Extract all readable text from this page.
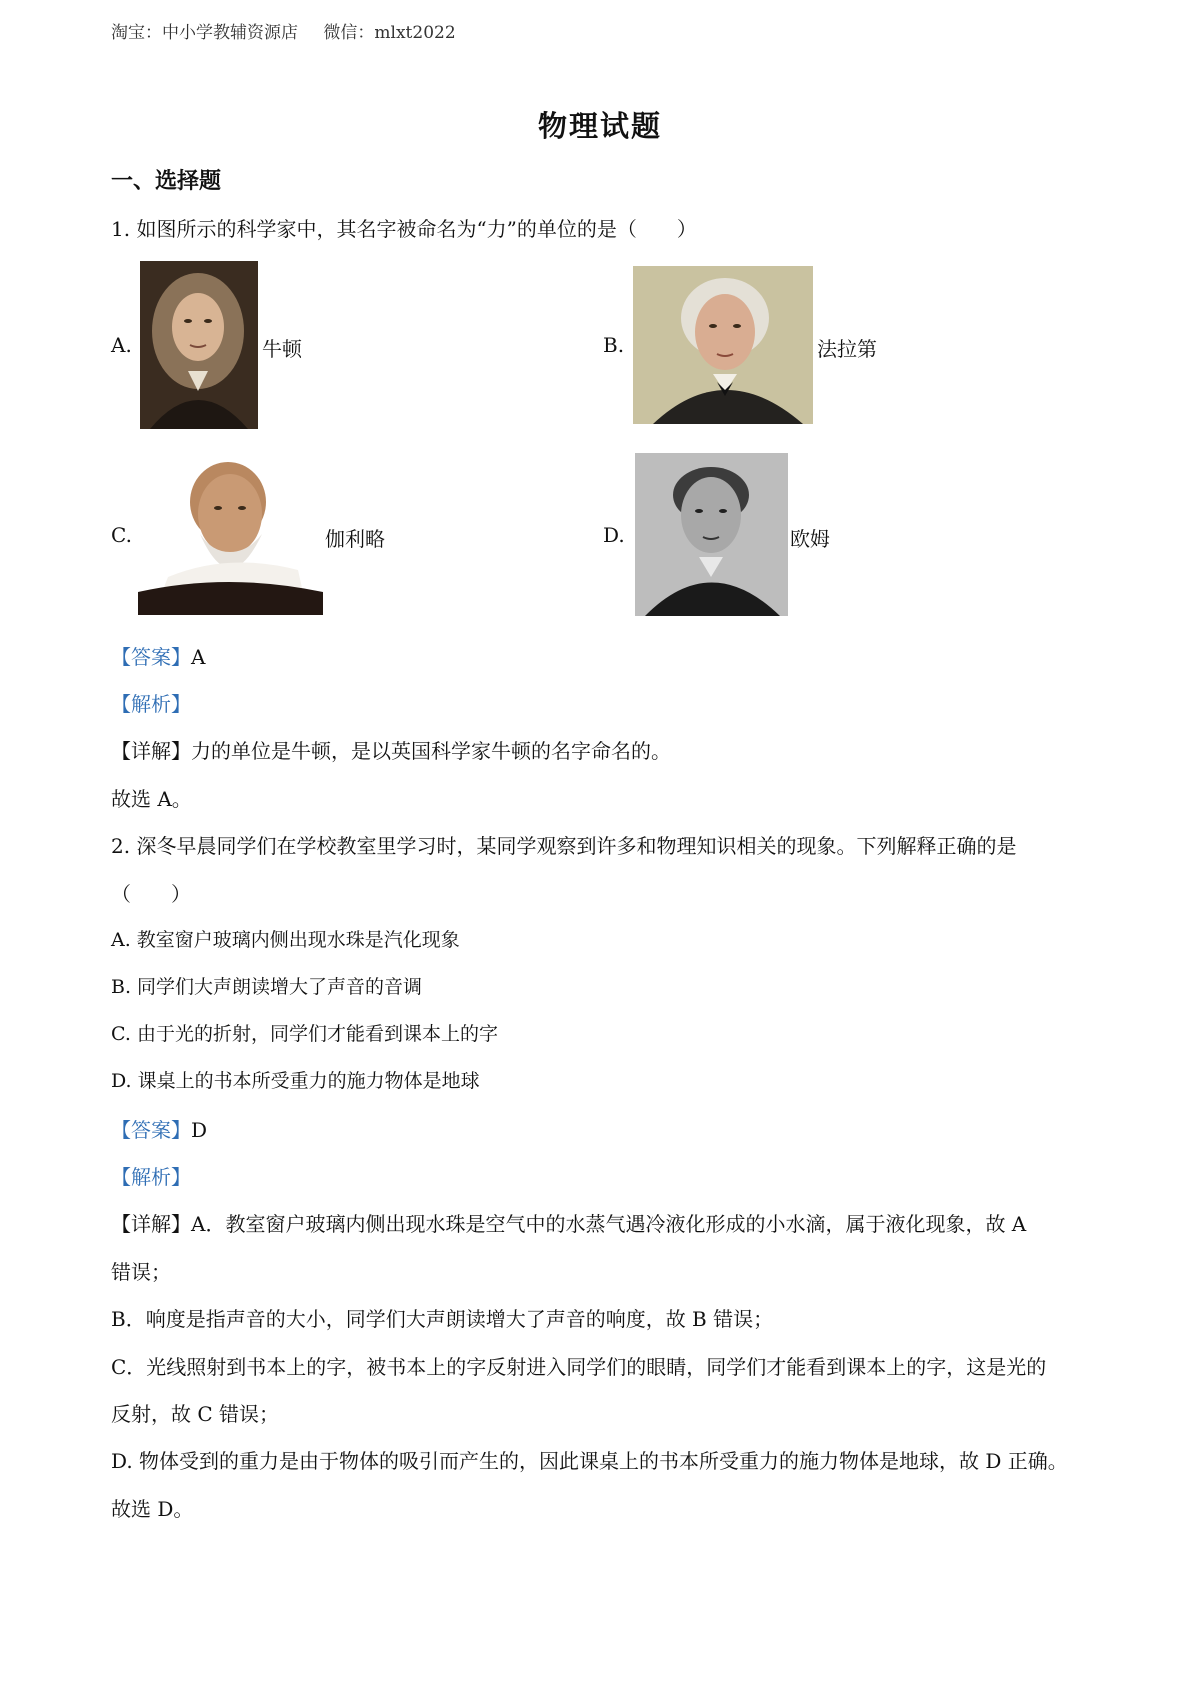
淘宝：中小学教辅资源店 微信：mlxt2022
物理试题
一、选择题
1. 如图所示的科学家中，其名字被命名为“力”的单位的是（　　）
A.	牛顿	B.	法拉第
C.	伽利略	D.	欧姆
【答案】A
【解析】
【详解】力的单位是牛顿，是以英国科学家牛顿的名字命名的。
故选 A。
2. 深冬早晨同学们在学校教室里学习时，某同学观察到许多和物理知识相关的现象。下列解释正确的是
（　　）
A. 教室窗户玻璃内侧出现水珠是汽化现象
B. 同学们大声朗读增大了声音的音调
C. 由于光的折射，同学们才能看到课本上的字
D. 课桌上的书本所受重力的施力物体是地球
【答案】D
【解析】
【详解】A．教室窗户玻璃内侧出现水珠是空气中的水蒸气遇冷液化形成的小水滴，属于液化现象，故 A
错误；
B．响度是指声音的大小，同学们大声朗读增大了声音的响度，故 B 错误；
C．光线照射到书本上的字，被书本上的字反射进入同学们的眼睛，同学们才能看到课本上的字，这是光的
反射，故 C 错误；
D. 物体受到的重力是由于物体的吸引而产生的，因此课桌上的书本所受重力的施力物体是地球，故 D 正确。
故选 D。
